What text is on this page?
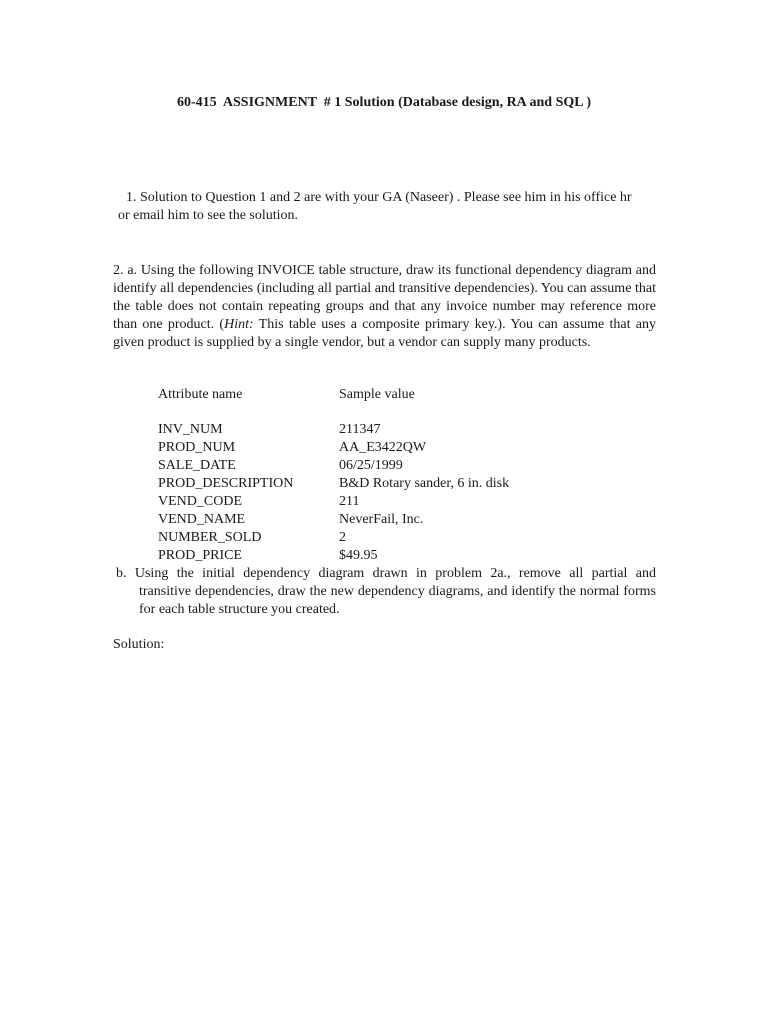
60-415  ASSIGNMENT  # 1 Solution (Database design, RA and SQL )
1. Solution to Question 1 and 2 are with your GA (Naseer) . Please see him in his office hr
or email him to see the solution.
2. a. Using the following INVOICE table structure, draw its functional dependency diagram and identify all dependencies (including all partial and transitive dependencies). You can assume that the table does not contain repeating groups and that any invoice number may reference more than one product. (Hint: This table uses a composite primary key.). You can assume that any given product is supplied by a single vendor, but a vendor can supply many products.
Attribute name	Sample value
INV_NUM	211347
PROD_NUM	AA_E3422QW
SALE_DATE	06/25/1999
PROD_DESCRIPTION	B&D Rotary sander, 6 in. disk
VEND_CODE	211
VEND_NAME	NeverFail, Inc.
NUMBER_SOLD	2
PROD_PRICE	$49.95
b. Using the initial dependency diagram drawn in problem 2a., remove all partial and
transitive dependencies, draw the new dependency diagrams, and identify the normal forms for each table structure you created.
Solution:
